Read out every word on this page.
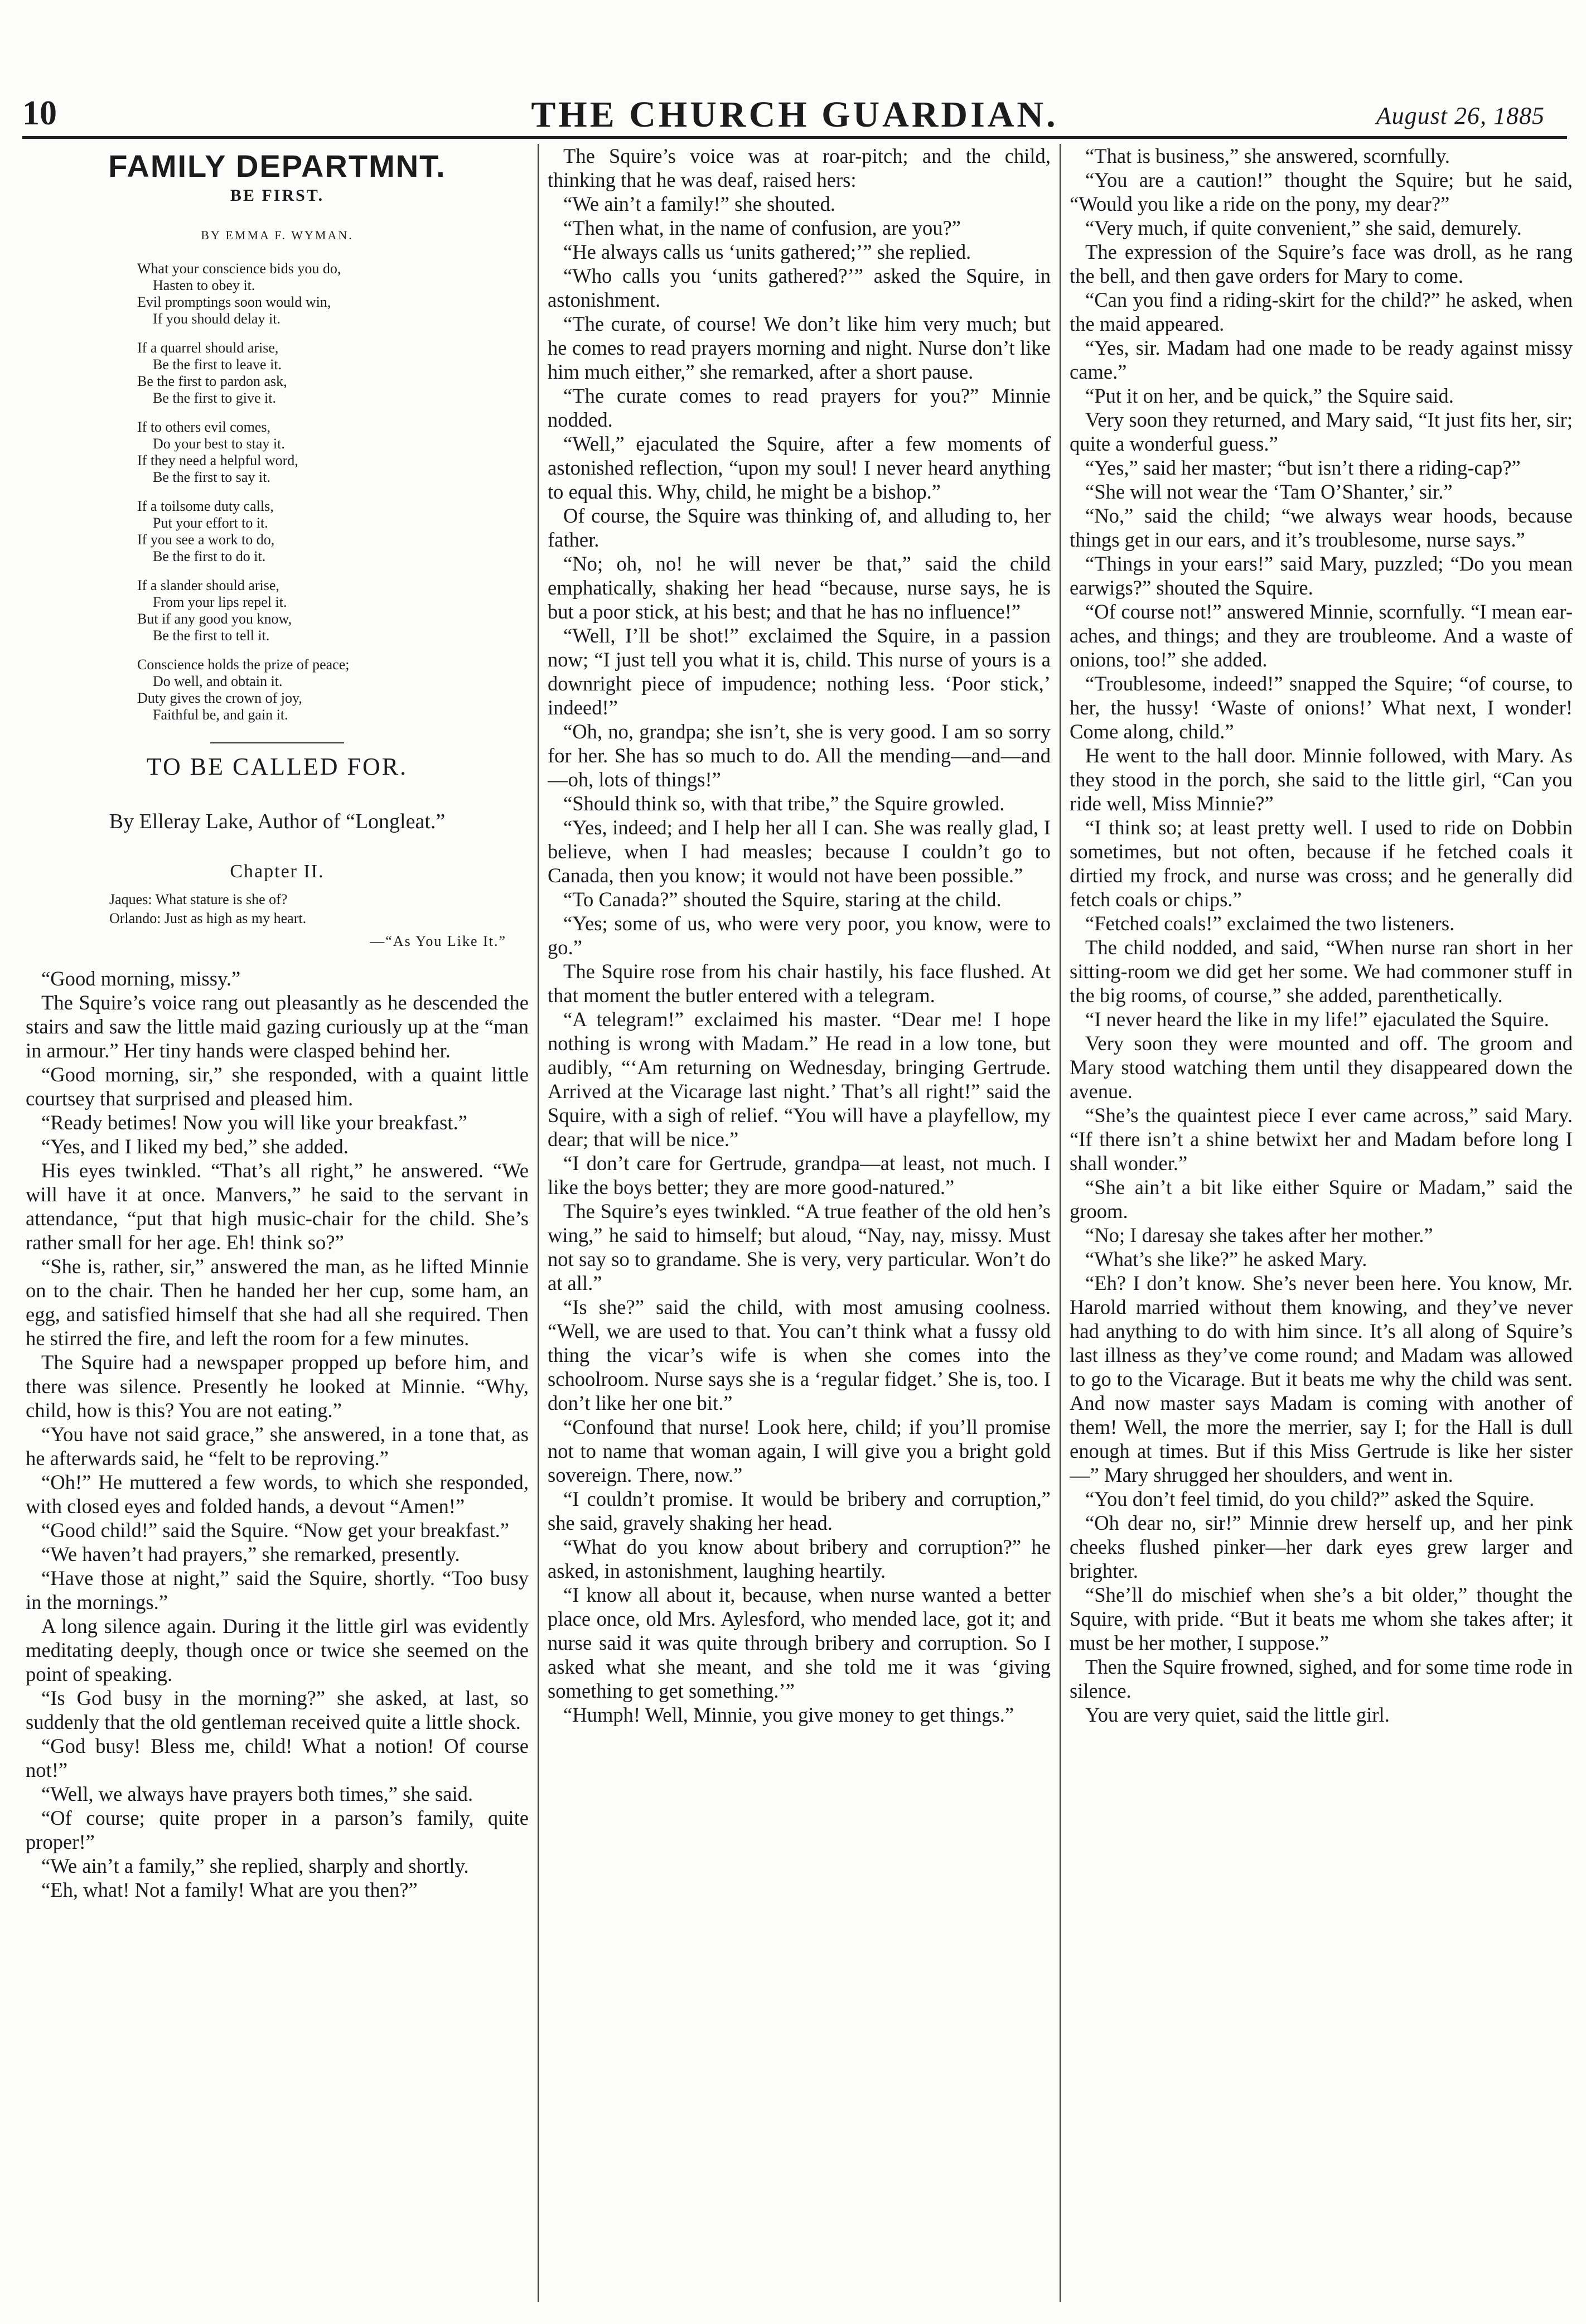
10	THE CHURCH GUARDIAN.	August 26, 1885
FAMILY DEPARTMNT.
BE FIRST.
BY EMMA F. WYMAN.
What your conscience bids you do,
Hasten to obey it.
Evil promptings soon would win,
If you should delay it.
If a quarrel should arise,
Be the first to leave it.
Be the first to pardon ask,
Be the first to give it.
If to others evil comes,
Do your best to stay it.
If they need a helpful word,
Be the first to say it.
If a toilsome duty calls,
Put your effort to it.
If you see a work to do,
Be the first to do it.
If a slander should arise,
From your lips repel it.
But if any good you know,
Be the first to tell it.
Conscience holds the prize of peace;
Do well, and obtain it.
Duty gives the crown of joy,
Faithful be, and gain it.
TO BE CALLED FOR.
By Elleray Lake, Author of “Longleat.”
Chapter II.
Jaques: What stature is she of?
Orlando: Just as high as my heart.
—“As You Like It.”

“Good morning, missy.”

The Squire’s voice rang out pleasantly as he descended the stairs and saw the little maid gazing curiously up at the “man in armour.” Her tiny hands were clasped behind her.

“Good morning, sir,” she responded, with a quaint little courtsey that surprised and pleased him.

“Ready betimes! Now you will like your breakfast.”

“Yes, and I liked my bed,” she added.

His eyes twinkled. “That’s all right,” he answered. “We will have it at once. Manvers,” he said to the servant in attendance, “put that high music-chair for the child. She’s rather small for her age. Eh! think so?”

“She is, rather, sir,” answered the man, as he lifted Minnie on to the chair. Then he handed her her cup, some ham, an egg, and satisfied himself that she had all she required. Then he stirred the fire, and left the room for a few minutes.

The Squire had a newspaper propped up before him, and there was silence. Presently he looked at Minnie. “Why, child, how is this? You are not eating.”

“You have not said grace,” she answered, in a tone that, as he afterwards said, he “felt to be reproving.”

“Oh!” He muttered a few words, to which she responded, with closed eyes and folded hands, a devout “Amen!”

“Good child!” said the Squire. “Now get your breakfast.”

“We haven’t had prayers,” she remarked, presently.

“Have those at night,” said the Squire, shortly. “Too busy in the mornings.”

A long silence again. During it the little girl was evidently meditating deeply, though once or twice she seemed on the point of speaking.

“Is God busy in the morning?” she asked, at last, so suddenly that the old gentleman received quite a little shock.

“God busy! Bless me, child! What a notion! Of course not!”

“Well, we always have prayers both times,” she said.

“Of course; quite proper in a parson’s family, quite proper!”

“We ain’t a family,” she replied, sharply and shortly.

“Eh, what! Not a family! What are you then?”

The Squire’s voice was at roar-pitch; and the child, thinking that he was deaf, raised hers:

“We ain’t a family!” she shouted.

“Then what, in the name of confusion, are you?”

“He always calls us ‘units gathered;’” she replied.

“Who calls you ‘units gathered?’” asked the Squire, in astonishment.

“The curate, of course! We don’t like him very much; but he comes to read prayers morning and night. Nurse don’t like him much either,” she remarked, after a short pause.

“The curate comes to read prayers for you?” Minnie nodded.

“Well,” ejaculated the Squire, after a few moments of astonished reflection, “upon my soul! I never heard anything to equal this. Why, child, he might be a bishop.”

Of course, the Squire was thinking of, and alluding to, her father.

“No; oh, no! he will never be that,” said the child emphatically, shaking her head “because, nurse says, he is but a poor stick, at his best; and that he has no influence!”

“Well, I’ll be shot!” exclaimed the Squire, in a passion now; “I just tell you what it is, child. This nurse of yours is a downright piece of impudence; nothing less. ‘Poor stick,’ indeed!”

“Oh, no, grandpa; she isn’t, she is very good. I am so sorry for her. She has so much to do. All the mending—and—and—oh, lots of things!”

“Should think so, with that tribe,” the Squire growled.

“Yes, indeed; and I help her all I can. She was really glad, I believe, when I had measles; because I couldn’t go to Canada, then you know; it would not have been possible.”

“To Canada?” shouted the Squire, staring at the child.

“Yes; some of us, who were very poor, you know, were to go.”

The Squire rose from his chair hastily, his face flushed. At that moment the butler entered with a telegram.

“A telegram!” exclaimed his master. “Dear me! I hope nothing is wrong with Madam.” He read in a low tone, but audibly, “‘Am returning on Wednesday, bringing Gertrude. Arrived at the Vicarage last night.’ That’s all right!” said the Squire, with a sigh of relief. “You will have a playfellow, my dear; that will be nice.”

“I don’t care for Gertrude, grandpa—at least, not much. I like the boys better; they are more good-natured.”

The Squire’s eyes twinkled. “A true feather of the old hen’s wing,” he said to himself; but aloud, “Nay, nay, missy. Must not say so to grandame. She is very, very particular. Won’t do at all.”

“Is she?” said the child, with most amusing coolness. “Well, we are used to that. You can’t think what a fussy old thing the vicar’s wife is when she comes into the schoolroom. Nurse says she is a ‘regular fidget.’ She is, too. I don’t like her one bit.”

“Confound that nurse! Look here, child; if you’ll promise not to name that woman again, I will give you a bright gold sovereign. There, now.”

“I couldn’t promise. It would be bribery and corruption,” she said, gravely shaking her head.

“What do you know about bribery and corruption?” he asked, in astonishment, laughing heartily.

“I know all about it, because, when nurse wanted a better place once, old Mrs. Aylesford, who mended lace, got it; and nurse said it was quite through bribery and corruption. So I asked what she meant, and she told me it was ‘giving something to get something.’”

“Humph! Well, Minnie, you give money to get things.”

“That is business,” she answered, scornfully.

“You are a caution!” thought the Squire; but he said, “Would you like a ride on the pony, my dear?”

“Very much, if quite convenient,” she said, demurely.

The expression of the Squire’s face was droll, as he rang the bell, and then gave orders for Mary to come.

“Can you find a riding-skirt for the child?” he asked, when the maid appeared.

“Yes, sir. Madam had one made to be ready against missy came.”

“Put it on her, and be quick,” the Squire said.

Very soon they returned, and Mary said, “It just fits her, sir; quite a wonderful guess.”

“Yes,” said her master; “but isn’t there a riding-cap?”

“She will not wear the ‘Tam O’Shanter,’ sir.”

“No,” said the child; “we always wear hoods, because things get in our ears, and it’s troublesome, nurse says.”

“Things in your ears!” said Mary, puzzled; “Do you mean earwigs?” shouted the Squire.

“Of course not!” answered Minnie, scornfully. “I mean ear-aches, and things; and they are troubleome. And a waste of onions, too!” she added.

“Troublesome, indeed!” snapped the Squire; “of course, to her, the hussy! ‘Waste of onions!’ What next, I wonder! Come along, child.”

He went to the hall door. Minnie followed, with Mary. As they stood in the porch, she said to the little girl, “Can you ride well, Miss Minnie?”

“I think so; at least pretty well. I used to ride on Dobbin sometimes, but not often, because if he fetched coals it dirtied my frock, and nurse was cross; and he generally did fetch coals or chips.”

“Fetched coals!” exclaimed the two listeners.

The child nodded, and said, “When nurse ran short in her sitting-room we did get her some. We had commoner stuff in the big rooms, of course,” she added, parenthetically.

“I never heard the like in my life!” ejaculated the Squire.

Very soon they were mounted and off. The groom and Mary stood watching them until they disappeared down the avenue.

“She’s the quaintest piece I ever came across,” said Mary. “If there isn’t a shine betwixt her and Madam before long I shall wonder.”

“She ain’t a bit like either Squire or Madam,” said the groom.

“No; I daresay she takes after her mother.”

“What’s she like?” he asked Mary.

“Eh? I don’t know. She’s never been here. You know, Mr. Harold married without them knowing, and they’ve never had anything to do with him since. It’s all along of Squire’s last illness as they’ve come round; and Madam was allowed to go to the Vicarage. But it beats me why the child was sent. And now master says Madam is coming with another of them! Well, the more the merrier, say I; for the Hall is dull enough at times. But if this Miss Gertrude is like her sister—” Mary shrugged her shoulders, and went in.

“You don’t feel timid, do you child?” asked the Squire.

“Oh dear no, sir!” Minnie drew herself up, and her pink cheeks flushed pinker—her dark eyes grew larger and brighter.

“She’ll do mischief when she’s a bit older,” thought the Squire, with pride. “But it beats me whom she takes after; it must be her mother, I suppose.”

Then the Squire frowned, sighed, and for some time rode in silence.

You are very quiet, said the little girl.
